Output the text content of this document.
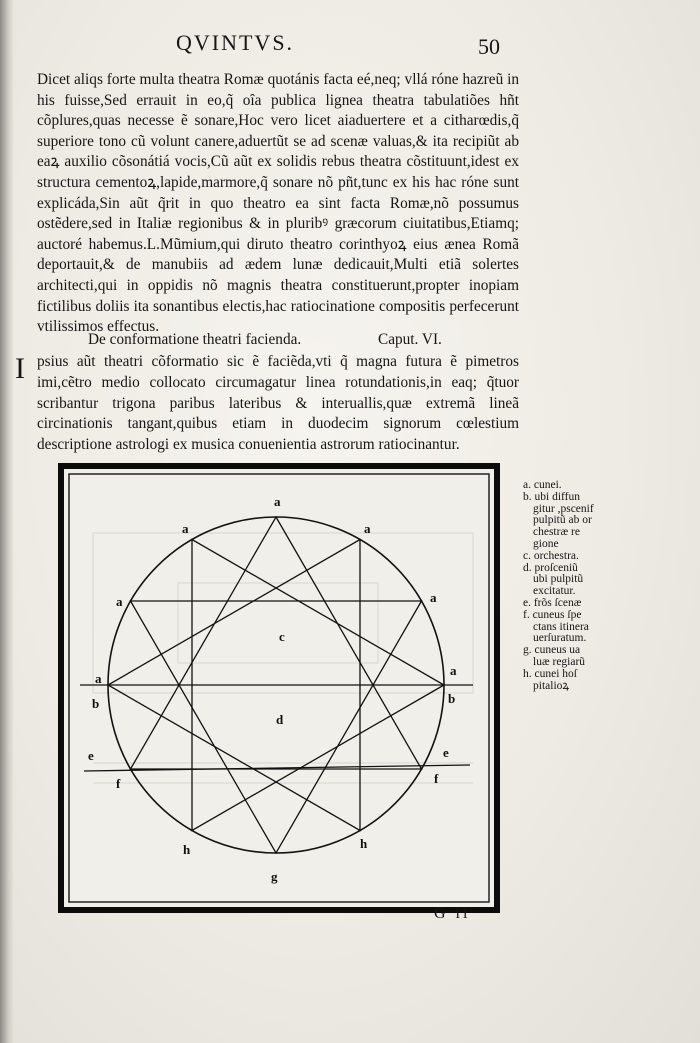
QVINTVS.	50

Dicet aliqs forte multa theatra Romæ quotánis facta eé,neq; vllá róne hazreũ in his fuisse,Sed errauit in eo,q̃ oîa publica lignea theatra tabulatiões hñt cõplures,quas necesse ẽ sonare,Hoc vero licet aiaduertere et a citharœdis,q̃ superiore tono cũ volunt canere,aduertũt se ad scenæ valuas,& ita recipiũt ab eaꝝ auxilio cõsonátiá vocis,Cũ aũt ex solidis rebus theatra cõstituunt,idest ex structura cementoꝝ,lapide,marmore,q̃ sonare nõ pñt,tunc ex his hac róne sunt explicáda,Sin aũt q̃rit in quo theatro ea sint facta Romæ,nõ possumus ostẽdere,sed in Italiæ regionibus & in pluribꝰ græcorum ciuitatibus,Etiamq; auctoré habemus.L.Mũmium,qui diruto theatro corinthyoꝝ eius ænea Romã deportauit,& de manubiis ad ædem lunæ dedicauit,Multi etiã solertes architecti,qui in oppidis nõ magnis theatra constituerunt,propter inopiam fictilibus doliis ita sonantibus electis,hac ratiocinatione compositis perfecerunt vtilissimos effectus.

De conformatione theatri facienda.	Caput. VI.
I psius aũt theatri cõformatio sic ẽ faciẽda,vti q̃ magna futura ẽ pimetros imi,cẽtro medio collocato circumagatur linea rotundationis,in eaq; q̃tuor scribantur trigona paribus lateribus & interuallis,quæ extremã lineã circinationis tangant,quibus etiam in duodecim signorum cœlestium descriptione astrologi ex musica conuenientia astrorum ratiocinantur.

a
a	a
a	a
a
a
c
b	b
d
e	e
f	f
h	h
g
a. cunei.
b. ubi diffun
gitur ,pscenif
pulpitũ ab or
chestræ re
gione
c. orchestra.
d. proſceniũ
ubi pulpitũ
excitatur.
e. frõs ſcenæ
f. cuneus ſpe
ctans itinera
uerſuratum.
g. cuneus ua
luæ regiarũ
h. cunei hoſ
pitalioꝝ
G ii
